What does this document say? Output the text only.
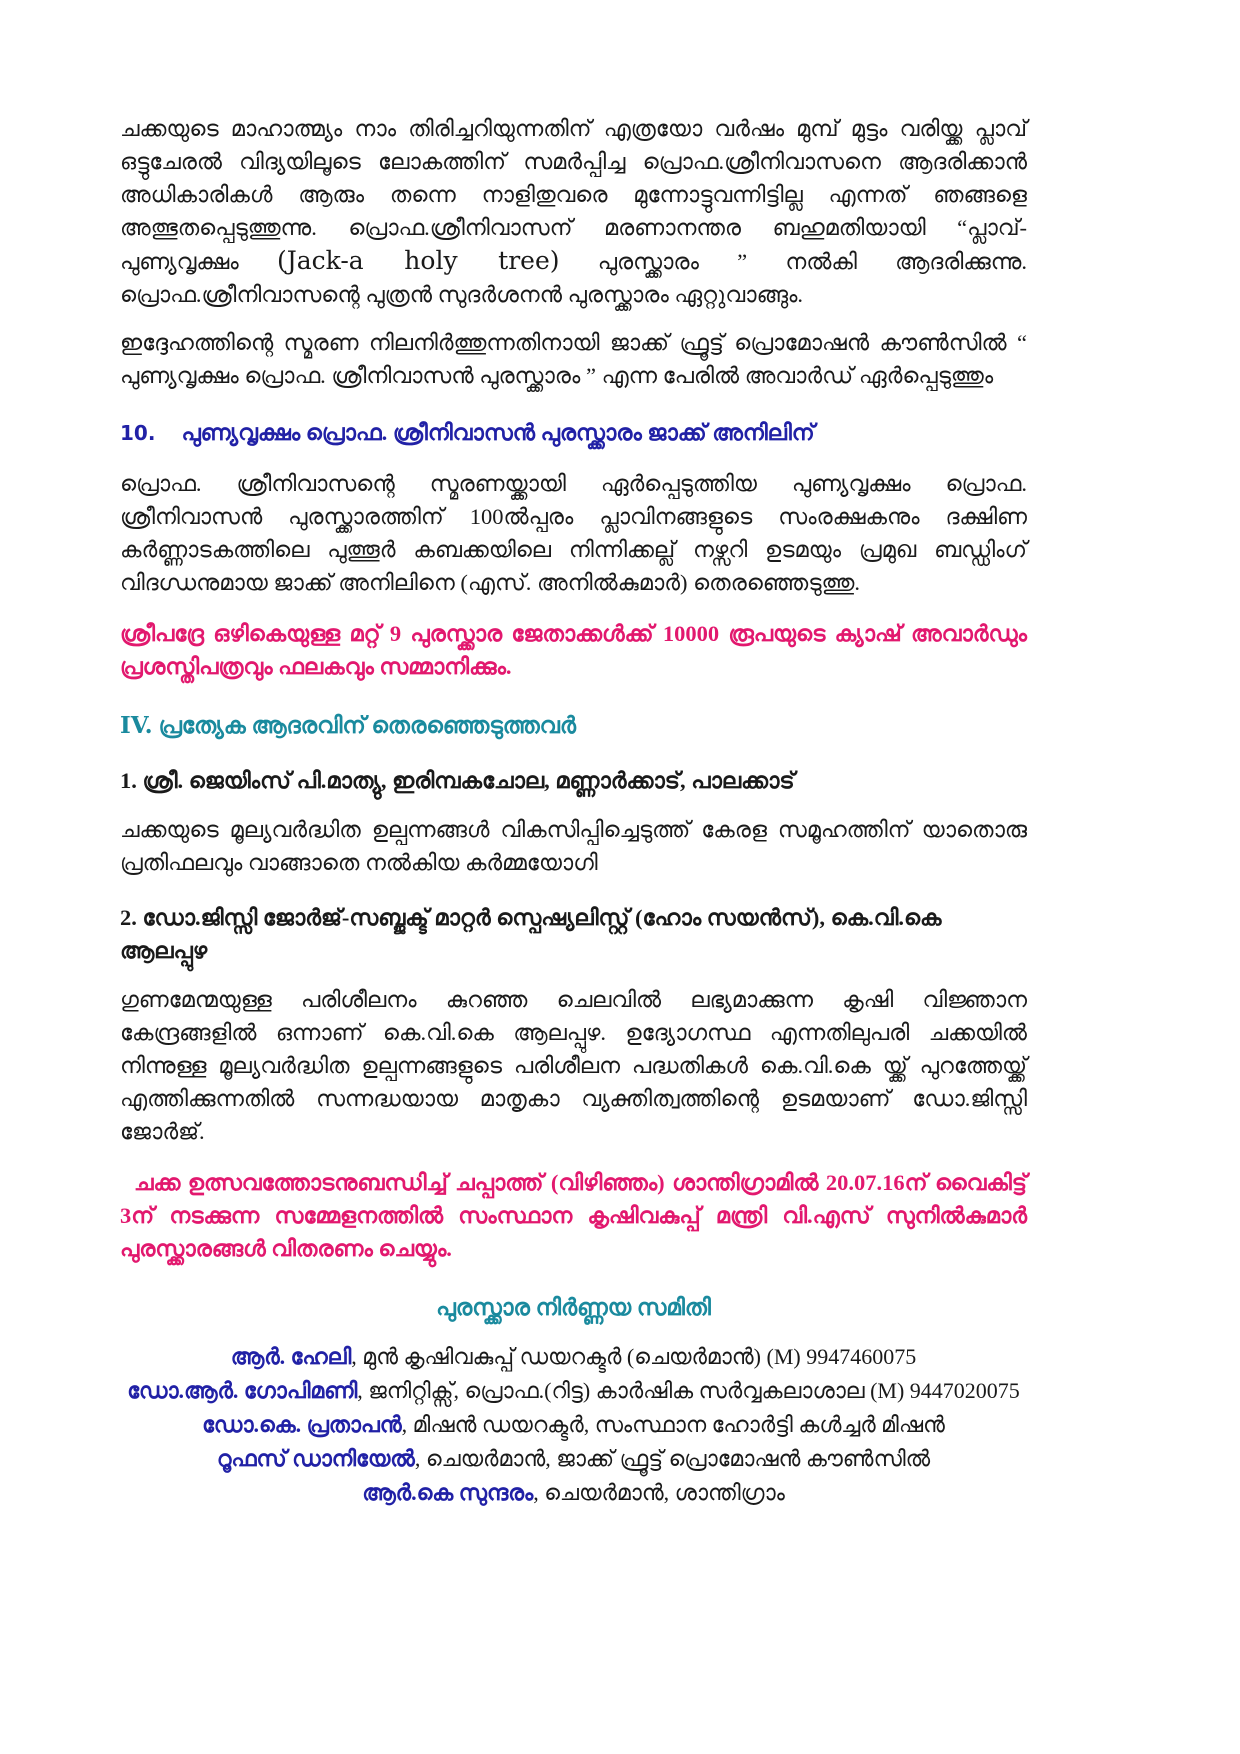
ചക്കയുടെ മാഹാത്മ്യം നാം തിരിച്ചറിയുന്നതിന് എത്രയോ വർഷം മുമ്പ് മുട്ടം വരിയ്ക്ക പ്ലാവ് ഒട്ടുചേരൽ വിദ്യയിലൂടെ ലോകത്തിന് സമർപ്പിച്ച പ്രൊഫ.ശ്രീനിവാസനെ ആദരിക്കാൻ അധികാരികൾ ആരും തന്നെ നാളിതുവരെ മുന്നോട്ടുവന്നിട്ടില്ല എന്നത് ഞങ്ങളെ അത്ഭുതപ്പെടുത്തുന്നു. പ്രൊഫ.ശ്രീനിവാസന് മരണാനന്തര ബഹുമതിയായി “പ്ലാവ്-പുണ്യവൃക്ഷം (Jack-a holy tree) പുരസ്ക്കാരം ” നൽകി ആദരിക്കുന്നു. പ്രൊഫ.ശ്രീനിവാസന്റെ പുത്രൻ സുദർശനൻ പുരസ്ക്കാരം ഏറ്റുവാങ്ങും.

ഇദ്ദേഹത്തിന്റെ സ്മരണ നിലനിർത്തുന്നതിനായി ജാക്ക് ഫ്രൂട്ട് പ്രൊമോഷൻ കൗൺസിൽ “ പുണ്യവൃക്ഷം പ്രൊഫ. ശ്രീനിവാസൻ പുരസ്ക്കാരം ” എന്ന പേരിൽ അവാർഡ് ഏർപ്പെടുത്തും

10. പുണ്യവൃക്ഷം പ്രൊഫ. ശ്രീനിവാസൻ പുരസ്ക്കാരം ജാക്ക് അനിലിന്

പ്രൊഫ. ശ്രീനിവാസന്റെ സ്മരണയ്ക്കായി ഏർപ്പെടുത്തിയ പുണ്യവൃക്ഷം പ്രൊഫ. ശ്രീനിവാസൻ പുരസ്ക്കാരത്തിന് 100ൽപ്പരം പ്ലാവിനങ്ങളുടെ സംരക്ഷകനും ദക്ഷിണ കർണ്ണാടകത്തിലെ പുത്തൂർ കബക്കയിലെ നിന്നിക്കല്ല് നഴ്സറി ഉടമയും പ്രമുഖ ബഡ്ഡിംഗ് വിദഗ്ധനുമായ ജാക്ക് അനിലിനെ (എസ്. അനിൽകുമാർ) തെരഞ്ഞെടുത്തു.

ശ്രീപദ്രേ ഒഴികെയുള്ള മറ്റ് 9 പുരസ്ക്കാര ജേതാക്കൾക്ക് 10000 രൂപയുടെ ക്യാഷ് അവാർഡും പ്രശസ്തിപത്രവും ഫലകവും സമ്മാനിക്കും.

IV. പ്രത്യേക ആദരവിന് തെരഞ്ഞെടുത്തവർ

1. ശ്രീ. ജെയിംസ് പി.മാത്യു, ഇരിമ്പകചോല, മണ്ണാർക്കാട്, പാലക്കാട്

ചക്കയുടെ മൂല്യവർദ്ധിത ഉല്പന്നങ്ങൾ വികസിപ്പിച്ചെടുത്ത് കേരള സമൂഹത്തിന് യാതൊരു പ്രതിഫലവും വാങ്ങാതെ നൽകിയ കർമ്മയോഗി

2. ഡോ.ജിസ്സി ജോർജ്-സബ്ജക്ട് മാറ്റർ സ്പെഷ്യലിസ്റ്റ് (ഹോം സയൻസ്), കെ.വി.കെ ആലപ്പുഴ

ഗുണമേന്മയുള്ള പരിശീലനം കുറഞ്ഞ ചെലവിൽ ലഭ്യമാക്കുന്ന കൃഷി വിജ്ഞാന കേന്ദ്രങ്ങളിൽ ഒന്നാണ് കെ.വി.കെ ആലപ്പുഴ. ഉദ്യോഗസ്ഥ എന്നതിലുപരി ചക്കയിൽ നിന്നുള്ള മൂല്യവർദ്ധിത ഉല്പന്നങ്ങളുടെ പരിശീലന പദ്ധതികൾ കെ.വി.കെ യ്ക്ക് പുറത്തേയ്ക്ക് എത്തിക്കുന്നതിൽ സന്നദ്ധയായ മാതൃകാ വ്യക്തിത്വത്തിന്റെ ഉടമയാണ് ഡോ.ജിസ്സി ജോർജ്.

ചക്ക ഉത്സവത്തോടനുബന്ധിച്ച് ചപ്പാത്ത് (വിഴിഞ്ഞം) ശാന്തിഗ്രാമിൽ 20.07.16ന് വൈകിട്ട് 3ന് നടക്കുന്ന സമ്മേളനത്തിൽ സംസ്ഥാന കൃഷിവകുപ്പ് മന്ത്രി വി.എസ് സുനിൽകുമാർ പുരസ്ക്കാരങ്ങൾ വിതരണം ചെയ്യും.

പുരസ്ക്കാര നിർണ്ണയ സമിതി
ആർ. ഹേലി, മുൻ കൃഷിവകുപ്പ് ഡയറക്ടർ (ചെയർമാൻ) (M) 9947460075
ഡോ.ആർ. ഗോപിമണി, ജനിറ്റിക്സ്, പ്രൊഫ.(റിട്ട) കാർഷിക സർവ്വകലാശാല (M) 9447020075
ഡോ.കെ. പ്രതാപൻ, മിഷൻ ഡയറക്ടർ, സംസ്ഥാന ഹോർട്ടി കൾച്ചർ മിഷൻ
റൂഫസ് ഡാനിയേൽ, ചെയർമാൻ, ജാക്ക് ഫ്രൂട്ട് പ്രൊമോഷൻ കൗൺസിൽ
ആർ.കെ സുന്ദരം, ചെയർമാൻ, ശാന്തിഗ്രാം
